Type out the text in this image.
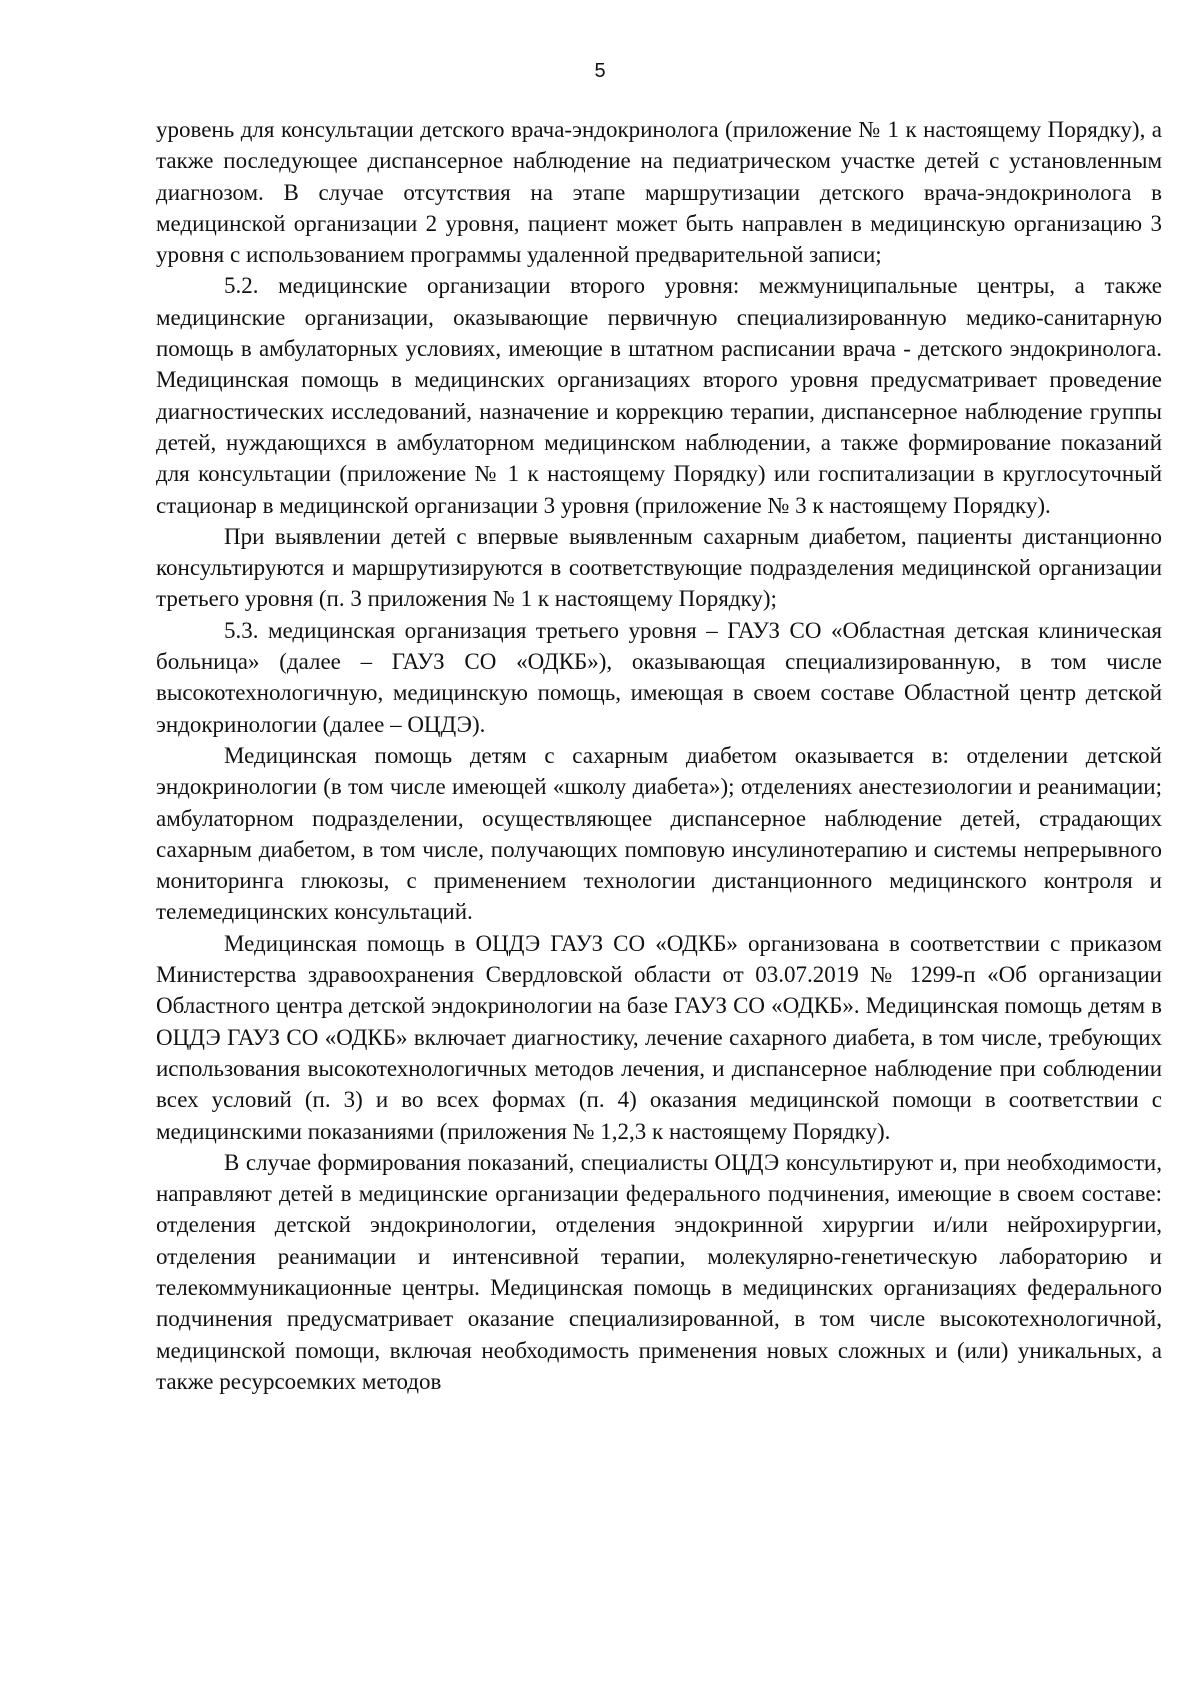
5

уровень для консультации детского врача-эндокринолога (приложение № 1 к настоящему Порядку), а также последующее диспансерное наблюдение на педиатрическом участке детей с установленным диагнозом. В случае отсутствия на этапе маршрутизации детского врача-эндокринолога в медицинской организации 2 уровня, пациент может быть направлен в медицинскую организацию 3 уровня с использованием программы удаленной предварительной записи;

5.2. медицинские организации второго уровня: межмуниципальные центры, а также медицинские организации, оказывающие первичную специализированную медико-санитарную помощь в амбулаторных условиях, имеющие в штатном расписании врача - детского эндокринолога. Медицинская помощь в медицинских организациях второго уровня предусматривает проведение диагностических исследований, назначение и коррекцию терапии, диспансерное наблюдение группы детей, нуждающихся в амбулаторном медицинском наблюдении, а также формирование показаний для консультации (приложение № 1 к настоящему Порядку) или госпитализации в круглосуточный стационар в медицинской организации 3 уровня (приложение № 3 к настоящему Порядку).

При выявлении детей с впервые выявленным сахарным диабетом, пациенты дистанционно консультируются и маршрутизируются в соответствующие подразделения медицинской организации третьего уровня (п. 3 приложения № 1 к настоящему Порядку);

5.3. медицинская организация третьего уровня – ГАУЗ СО «Областная детская клиническая больница» (далее – ГАУЗ СО «ОДКБ»), оказывающая специализированную, в том числе высокотехнологичную, медицинскую помощь, имеющая в своем составе Областной центр детской эндокринологии (далее – ОЦДЭ).

Медицинская помощь детям с сахарным диабетом оказывается в: отделении детской эндокринологии (в том числе имеющей «школу диабета»); отделениях анестезиологии и реанимации; амбулаторном подразделении, осуществляющее диспансерное наблюдение детей, страдающих сахарным диабетом, в том числе, получающих помповую инсулинотерапию и системы непрерывного мониторинга глюкозы, с применением технологии дистанционного медицинского контроля и телемедицинских консультаций.

Медицинская помощь в ОЦДЭ ГАУЗ СО «ОДКБ» организована в соответствии с приказом Министерства здравоохранения Свердловской области от 03.07.2019 № 1299-п «Об организации Областного центра детской эндокринологии на базе ГАУЗ СО «ОДКБ». Медицинская помощь детям в ОЦДЭ ГАУЗ СО «ОДКБ» включает диагностику, лечение сахарного диабета, в том числе, требующих использования высокотехнологичных методов лечения, и диспансерное наблюдение при соблюдении всех условий (п. 3) и во всех формах (п. 4) оказания медицинской помощи в соответствии с медицинскими показаниями (приложения № 1,2,3 к настоящему Порядку).

В случае формирования показаний, специалисты ОЦДЭ консультируют и, при необходимости, направляют детей в медицинские организации федерального подчинения, имеющие в своем составе: отделения детской эндокринологии, отделения эндокринной хирургии и/или нейрохирургии, отделения реанимации и интенсивной терапии, молекулярно-генетическую лабораторию и телекоммуникационные центры. Медицинская помощь в медицинских организациях федерального подчинения предусматривает оказание специализированной, в том числе высокотехнологичной, медицинской помощи, включая необходимость применения новых сложных и (или) уникальных, а также ресурсоемких методов
